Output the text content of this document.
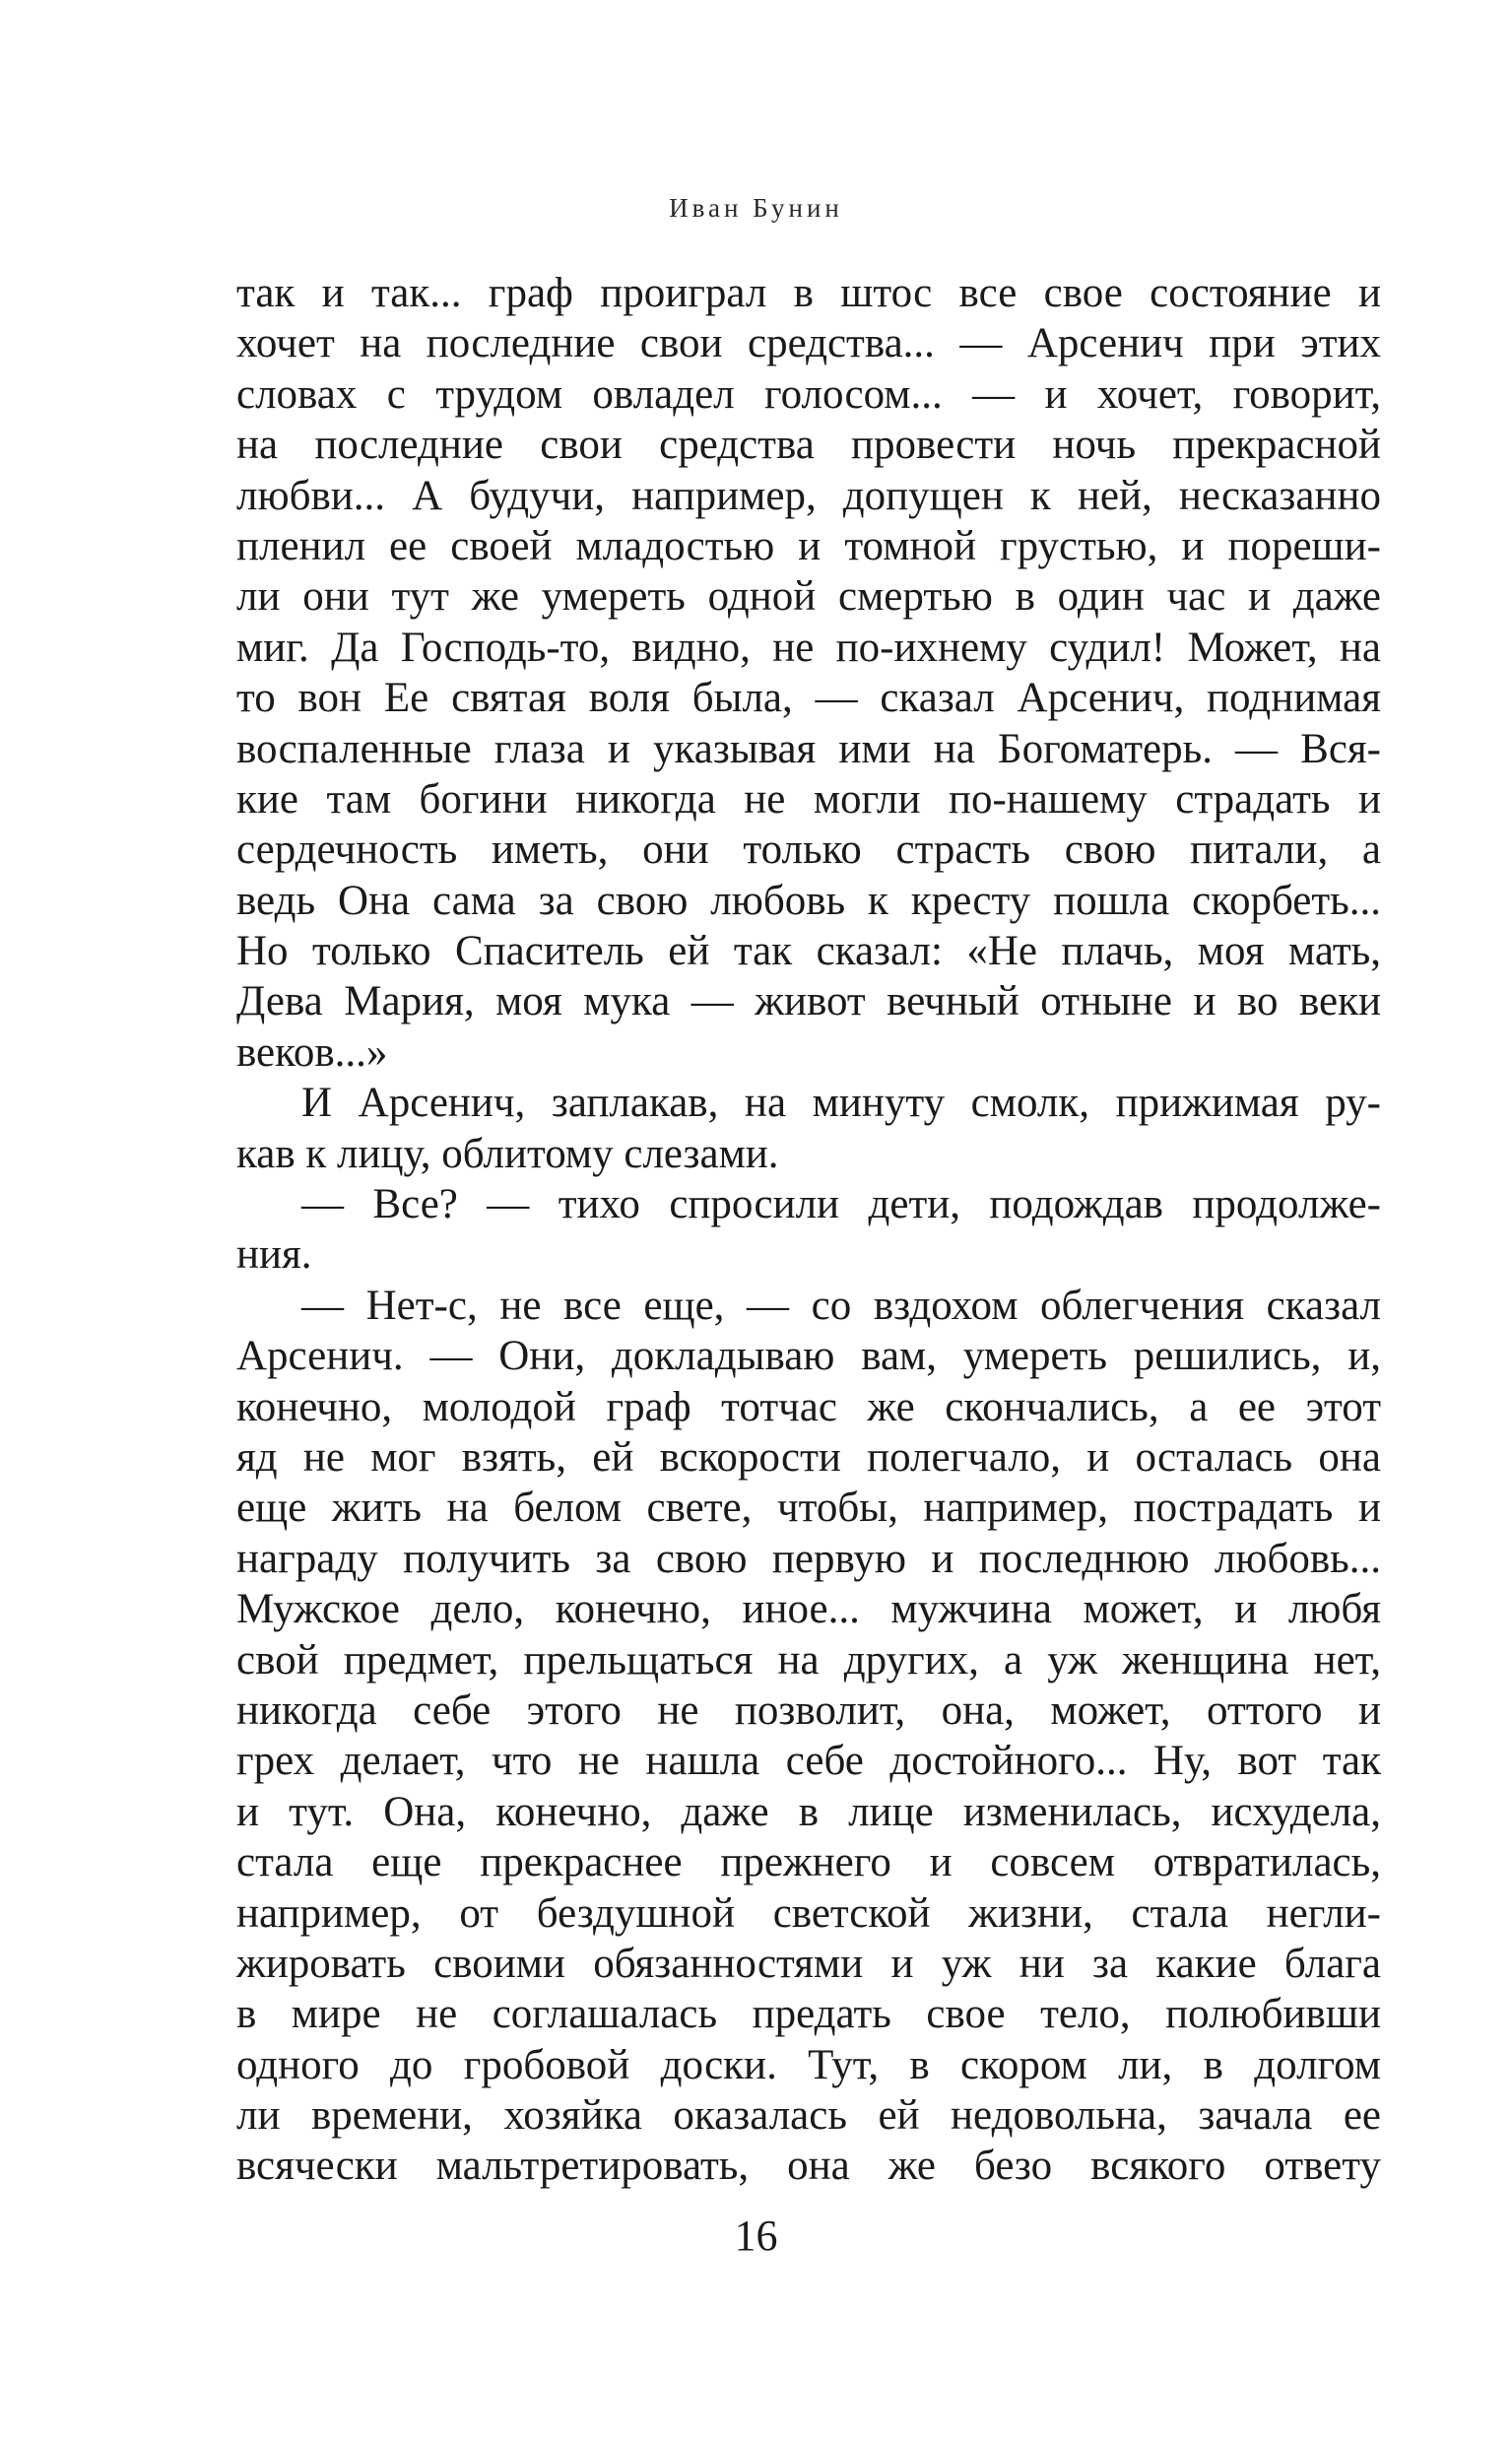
Иван Бунин
так и так... граф проиграл в штос все свое состояние и
хочет на последние свои средства... — Арсенич при этих
словах с трудом овладел голосом... — и хочет, говорит,
на последние свои средства провести ночь прекрасной
любви... А будучи, например, допущен к ней, несказанно
пленил ее своей младостью и томной грустью, и пореши-
ли они тут же умереть одной смертью в один час и даже
миг. Да Господь-то, видно, не по-ихнему судил! Может, на
то вон Ее святая воля была, — сказал Арсенич, поднимая
воспаленные глаза и указывая ими на Богоматерь. — Вся-
кие там богини никогда не могли по-нашему страдать и
сердечность иметь, они только страсть свою питали, а
ведь Она сама за свою любовь к кресту пошла скорбеть...
Но только Спаситель ей так сказал: «Не плачь, моя мать,
Дева Мария, моя мука — живот вечный отныне и во веки
веков...»
И Арсенич, заплакав, на минуту смолк, прижимая ру-
кав к лицу, облитому слезами.
— Все? — тихо спросили дети, подождав продолже-
ния.
— Нет-с, не все еще, — со вздохом облегчения сказал
Арсенич. — Они, докладываю вам, умереть решились, и,
конечно, молодой граф тотчас же скончались, а ее этот
яд не мог взять, ей вскорости полегчало, и осталась она
еще жить на белом свете, чтобы, например, пострадать и
награду получить за свою первую и последнюю любовь...
Мужское дело, конечно, иное... мужчина может, и любя
свой предмет, прельщаться на других, а уж женщина нет,
никогда себе этого не позволит, она, может, оттого и
грех делает, что не нашла себе достойного... Ну, вот так
и тут. Она, конечно, даже в лице изменилась, исхудела,
стала еще прекраснее прежнего и совсем отвратилась,
например, от бездушной светской жизни, стала негли-
жировать своими обязанностями и уж ни за какие блага
в мире не соглашалась предать свое тело, полюбивши
одного до гробовой доски. Тут, в скором ли, в долгом
ли времени, хозяйка оказалась ей недовольна, зачала ее
всячески мальтретировать, она же безо всякого ответу
16
